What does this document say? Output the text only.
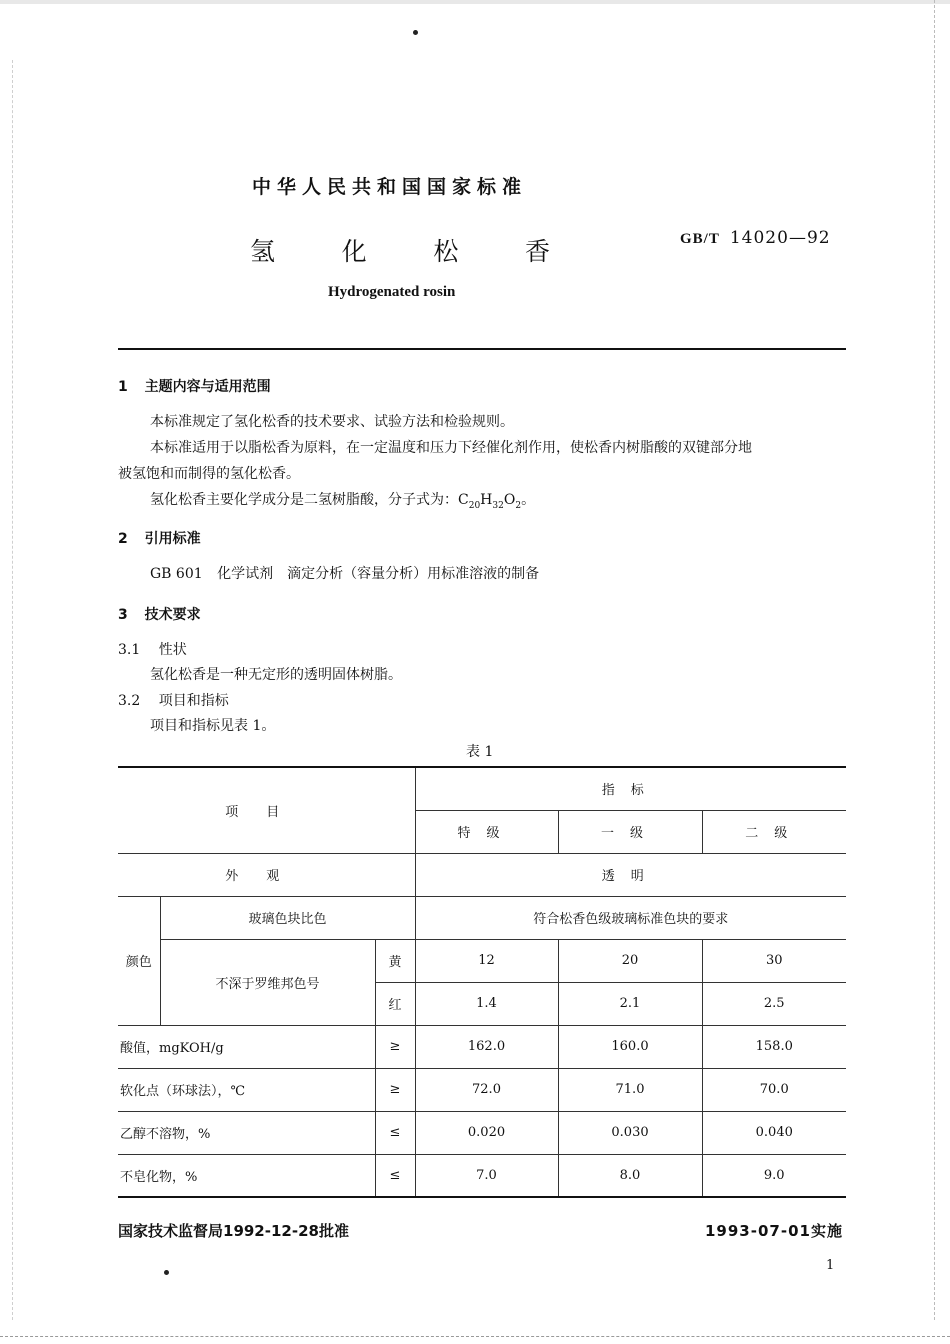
中华人民共和国国家标准
氢	化	松	香	GB/T 14020—92
Hydrogenated rosin
1 主题内容与适用范围
本标准规定了氢化松香的技术要求、试验方法和检验规则。
本标准适用于以脂松香为原料，在一定温度和压力下经催化剂作用，使松香内树脂酸的双键部分地
被氢饱和而制得的氢化松香。
氢化松香主要化学成分是二氢树脂酸，分子式为：$C_{20}H_{32}O_2$。
2 引用标准
GB 601 化学试剂　滴定分析（容量分析）用标准溶液的制备
3 技术要求
3.1 性状
氢化松香是一种无定形的透明固体树脂。
3.2 项目和指标
项目和指标见表 1。
表 1
项目			指标		
			特级	一级	二级
外观			透明		
颜色	玻璃色块比色		符合松香色级玻璃标准色块的要求		
	不深于罗维邦色号	黄	12	20	30
		红	1.4	2.1	2.5
酸值，mgKOH/g		≥	162.0	160.0	158.0
软化点（环球法），℃		≥	72.0	71.0	70.0
乙醇不溶物，%		≤	0.020	0.030	0.040
不皂化物，%		≤	7.0	8.0	9.0
国家技术监督局1992-12-28批准	1993-07-01实施
1
